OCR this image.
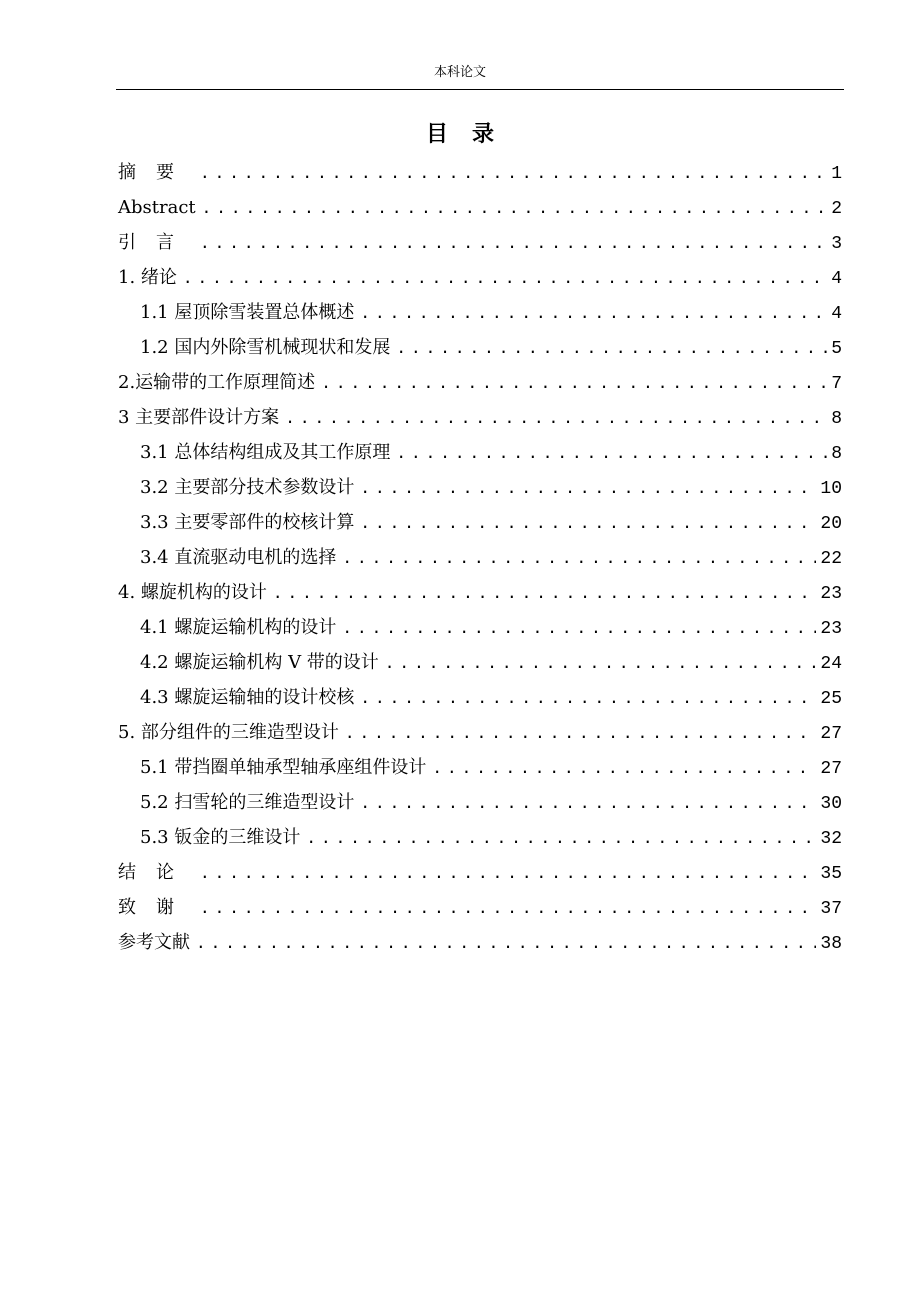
本科论文
目录
摘要 .....	1
Abstract .....	2
引言 .....	3
1. 绪论 .....	4
1.1 屋顶除雪装置总体概述 .....	4
1.2 国内外除雪机械现状和发展 .....	5
2.运输带的工作原理简述 .....	7
3 主要部件设计方案 .....	8
3.1 总体结构组成及其工作原理 .....	8
3.2 主要部分技术参数设计 .....	10
3.3 主要零部件的校核计算 .....	20
3.4 直流驱动电机的选择 .....	22
4. 螺旋机构的设计 .....	23
4.1 螺旋运输机构的设计 .....	23
4.2 螺旋运输机构 V 带的设计 .....	24
4.3 螺旋运输轴的设计校核 .....	25
5. 部分组件的三维造型设计 .....	27
5.1 带挡圈单轴承型轴承座组件设计 .....	27
5.2 扫雪轮的三维造型设计 .....	30
5.3 钣金的三维设计 .....	32
结论 .....	35
致谢 .....	37
参考文献 .....	38
